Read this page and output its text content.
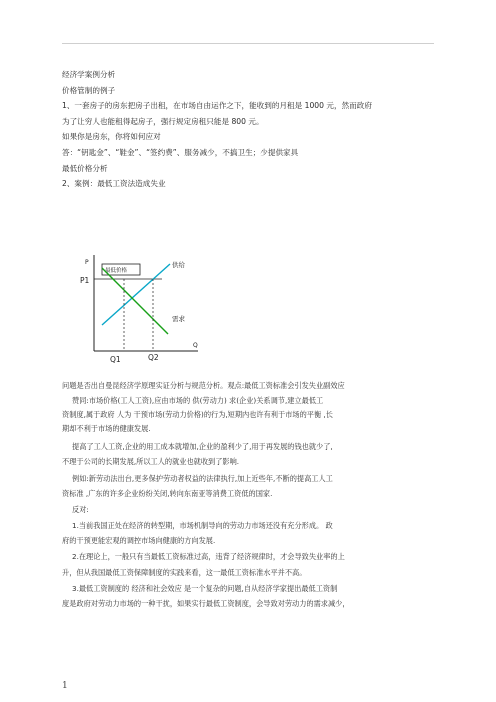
经济学案例分析
价格管制的例子
1、一套房子的房东把房子出租，在市场自由运作之下，能收到的月租是 1000 元，然而政府
为了让穷人也能租得起房子，强行规定房租只能是 800 元。
如果你是房东，你将如何应对
答：“钥匙金”、“鞋金”、“签约费”、服务减少，不搞卫生；少提供家具
最低价格分析
2、案例：最低工资法造成失业
P
Q
最低价格
P1
供给
需求
Q1	Q2
问题是否出自曼昆经济学原理实证分析与规范分析。观点:最低工资标准会引发失业副效应
赞同:市场价格(工人工资),应由市场的 供(劳动力) 求(企业)关系调节,建立最低工
资制度,属于政府 人为 干预市场(劳动力价格)的行为,短期内也许有利于市场的平衡 ,长
期却不利于市场的健康发展.
提高了工人工资,企业的用工成本就增加,企业的盈利少了,用于再发展的钱也就少了,
不理于公司的长期发展,所以工人的就业也就收到了影响.
例如:新劳动法出台,更多保护劳动者权益的法律执行,加上近些年,不断的提高工人工
资标准 ,广东的许多企业纷纷关闭,转向东南亚等消费工资低的国家.
反对:
1.当前我国正处在经济的转型期，市场机制导向的劳动力市场还没有充分形成。 政
府的干预更能宏观的调控市场向健康的方向发展.
2.在理论上，一般只有当最低工资标准过高，违背了经济规律时，才会导致失业率的上
升，但从我国最低工资保障制度的实践来看，这一最低工资标准水平并不高。
3.最低工资制度的 经济和社会效应 是一个复杂的问题,自从经济学家提出最低工资制
度是政府对劳动力市场的一种干扰，如果实行最低工资制度，会导致对劳动力的需求减少，
1
